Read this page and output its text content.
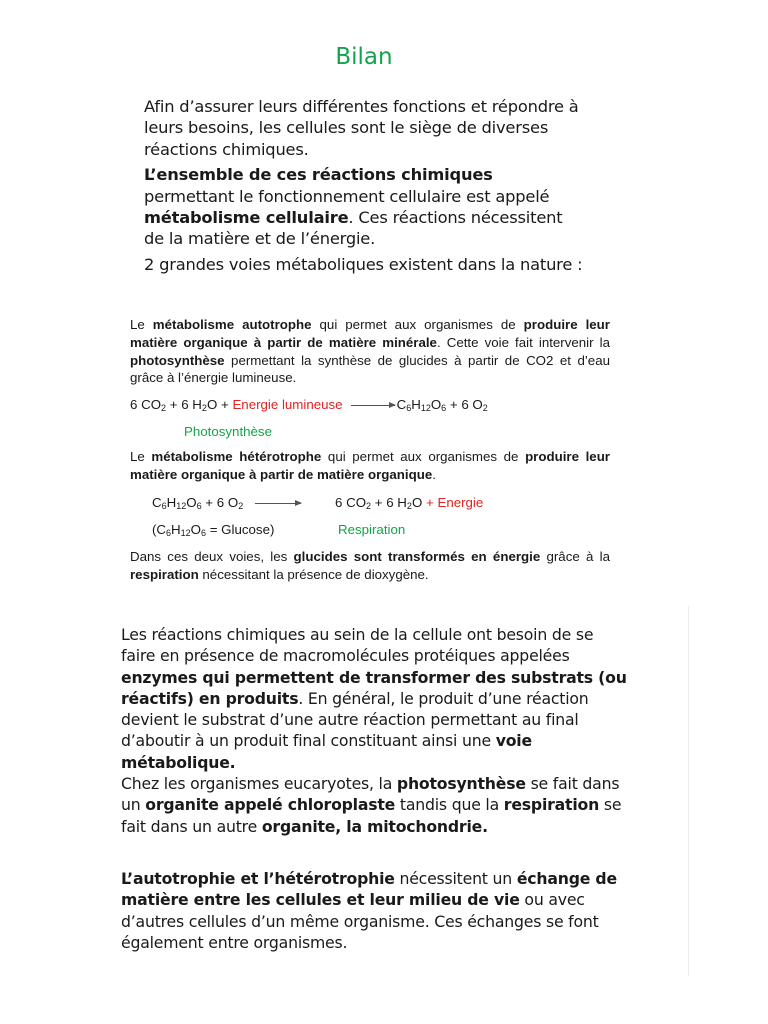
Bilan

Afin d’assurer leurs différentes fonctions et répondre à leurs besoins, les cellules sont le siège de diverses réactions chimiques.

L’ensemble de ces réactions chimiques permettant le fonctionnement cellulaire est appelé métabolisme cellulaire. Ces réactions nécessitent de la matière et de l’énergie.

2 grandes voies métaboliques existent dans la nature :

Le métabolisme autotrophe qui permet aux organismes de produire leur matière organique à partir de matière minérale. Cette voie fait intervenir la photosynthèse permettant la synthèse de glucides à partir de CO2 et d’eau grâce à l’énergie lumineuse.

6 $CO_2 + 6$ $H_2O$ + Energie lumineuse → $C_6H_{12}O_6 + 6$ $O_2$
Photosynthèse

Le métabolisme hétérotrophe qui permet aux organismes de produire leur matière organique à partir de matière organique.

$C_6H_{12}O_6 + 6$ $O_2$ →	6 $CO_2 + 6$ $H_2O$ + Energie
$(C_6H_{12}O_6 = Glucose)$	Respiration

Dans ces deux voies, les glucides sont transformés en énergie grâce à la respiration nécessitant la présence de dioxygène.

Les réactions chimiques au sein de la cellule ont besoin de se faire en présence de macromolécules protéiques appelées enzymes qui permettent de transformer des substrats (ou réactifs) en produits. En général, le produit d’une réaction devient le substrat d’une autre réaction permettant au final d’aboutir à un produit final constituant ainsi une voie métabolique.

Chez les organismes eucaryotes, la photosynthèse se fait dans un organite appelé chloroplaste tandis que la respiration se fait dans un autre organite, la mitochondrie.

L’autotrophie et l’hétérotrophie nécessitent un échange de matière entre les cellules et leur milieu de vie ou avec d’autres cellules d’un même organisme. Ces échanges se font également entre organismes.
